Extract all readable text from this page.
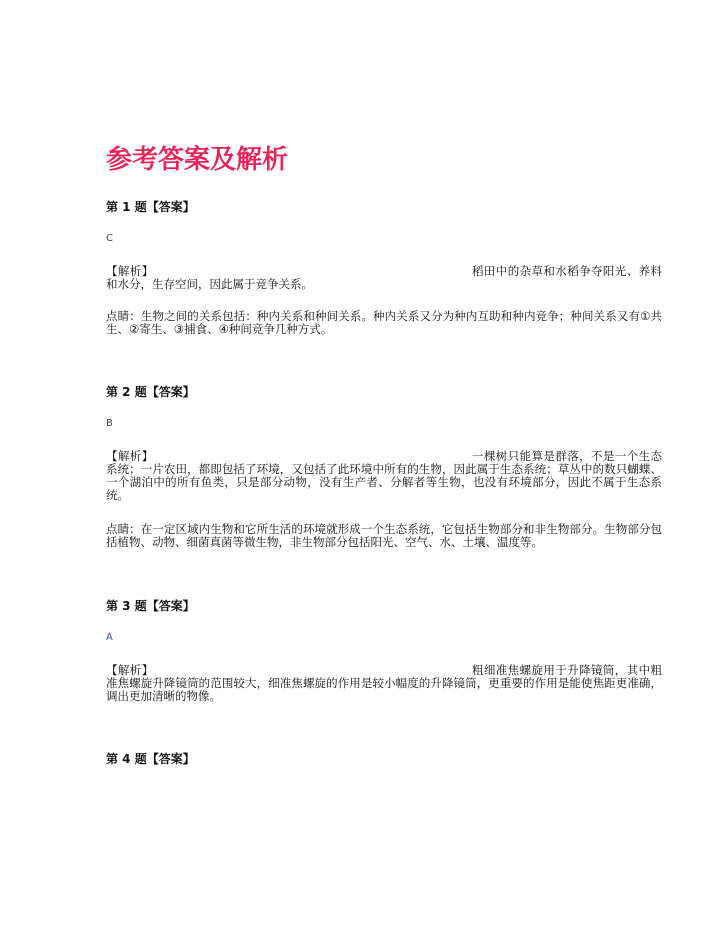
参考答案及解析
第 1 题【答案】
C
【解析】	稻田中的杂草和水稻争夺阳光、养料和水分，生存空间，因此属于竞争关系。
点睛：生物之间的关系包括：种内关系和种间关系。种内关系又分为种内互助和种内竞争；种间关系又有①共生、②寄生、③捕食、④种间竞争几种方式。
第 2 题【答案】
B
【解析】	一棵树只能算是群落，不是一个生态系统；一片农田，都即包括了环境，又包括了此环境中所有的生物，因此属于生态系统；草丛中的数只蝴蝶、一个湖泊中的所有鱼类，只是部分动物，没有生产者、分解者等生物，也没有环境部分，因此不属于生态系统。
点睛：在一定区域内生物和它所生活的环境就形成一个生态系统，它包括生物部分和非生物部分。生物部分包括植物、动物、细菌真菌等微生物，非生物部分包括阳光、空气、水、土壤、温度等。
第 3 题【答案】
A
【解析】	粗细准焦螺旋用于升降镜筒，其中粗准焦螺旋升降镜筒的范围较大，细准焦螺旋的作用是较小幅度的升降镜筒，更重要的作用是能使焦距更准确，调出更加清晰的物像。
第 4 题【答案】
